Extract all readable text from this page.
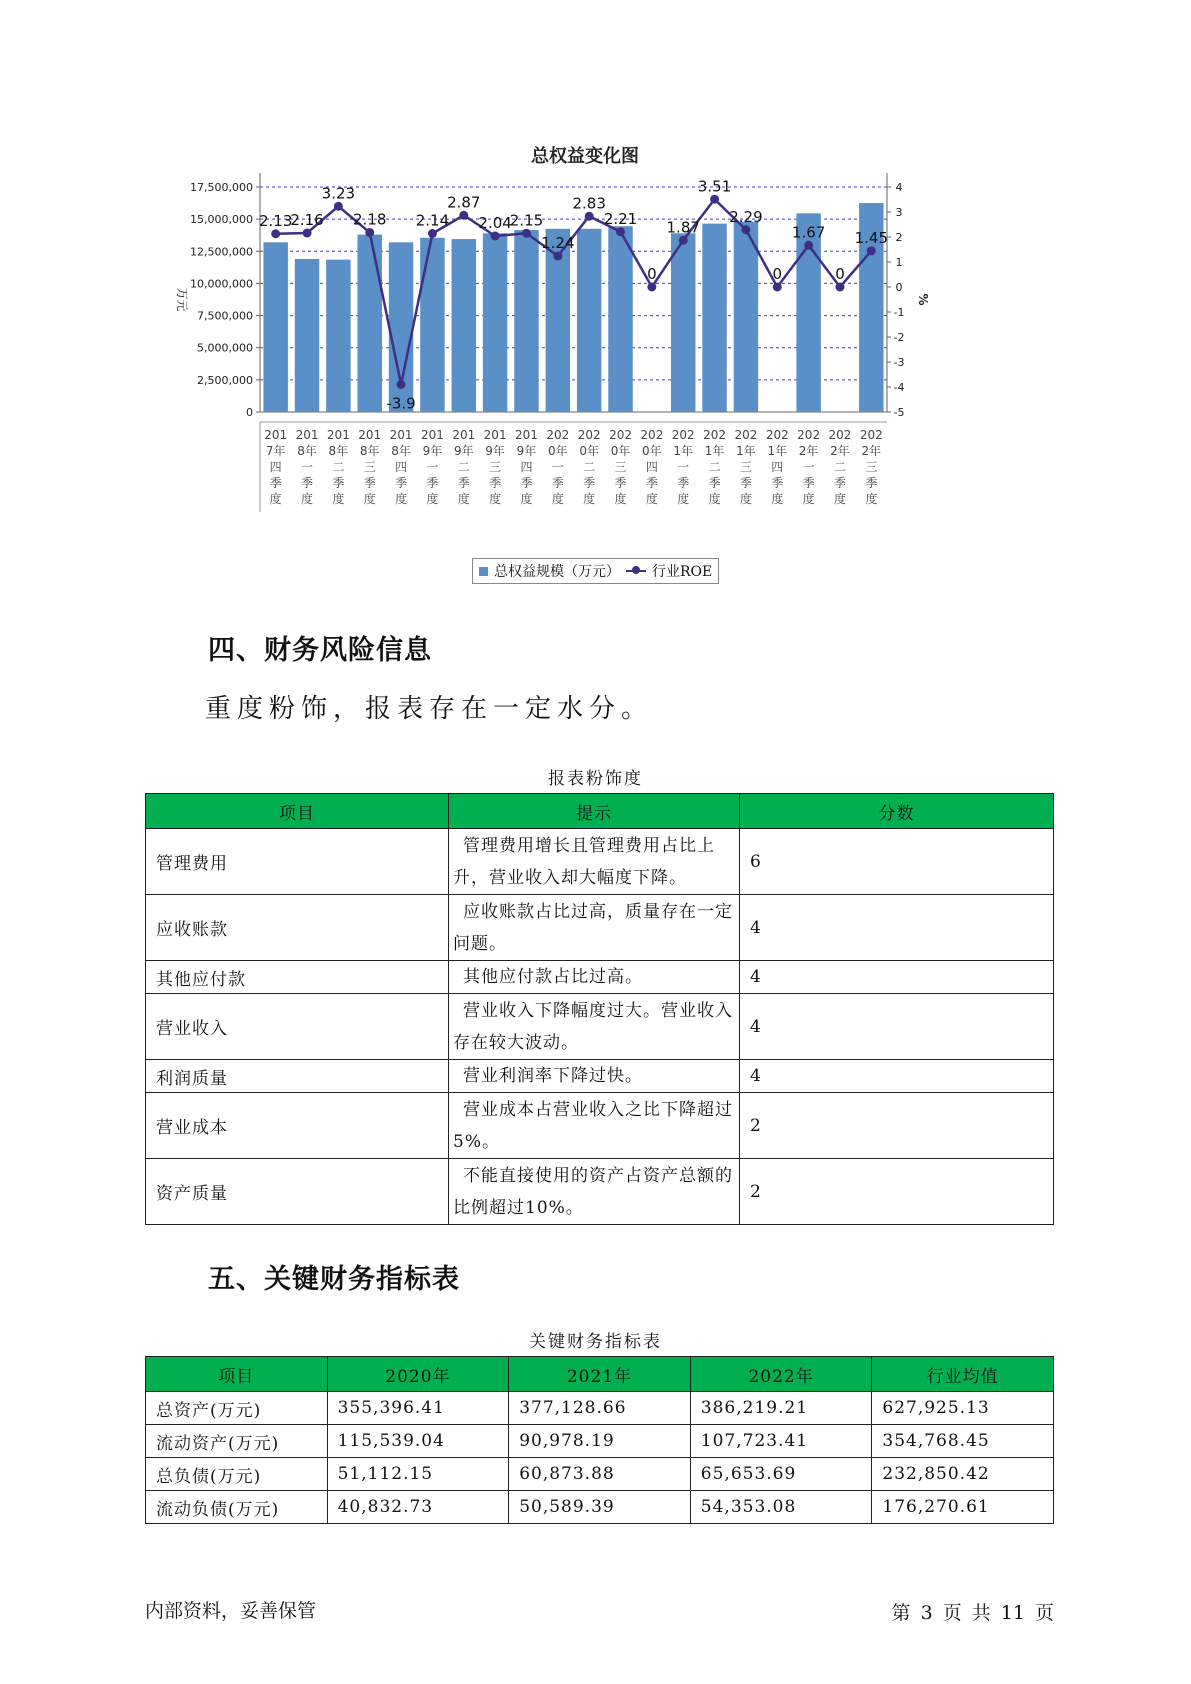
总权益变化图
0
2,500,000
5,000,000
7,500,000
10,000,000
12,500,000
15,000,000
17,500,000
-5
-4
-3
-2
-1
0
1
2
3
4
万元	%
201
7年
四
季
度
201
8年
一
季
度
201
8年
二
季
度
201
8年
三
季
度
201
8年
四
季
度
201
9年
一
季
度
201
9年
二
季
度
201
9年
三
季
度
201
9年
四
季
度
202
0年
一
季
度
202
0年
二
季
度
202
0年
三
季
度
202
0年
四
季
度
202
1年
一
季
度
202
1年
二
季
度
202
1年
三
季
度
202
1年
四
季
度
202
2年
一
季
度
202
2年
二
季
度
202
2年
三
季
度
2.13
2.16
3.23
2.18
-3.9
2.14
2.87
2.04
2.15
1.24
2.83
2.21
0
1.87
3.51
2.29
0
1.67
0
1.45
总权益规模（万元） 行业ROE
四、财务风险信息
重度粉饰，报表存在一定水分。
报表粉饰度
项目	提示	分数
管理费用	管理费用增长且管理费用占比上升，营业收入却大幅度下降。	6
应收账款	应收账款占比过高，质量存在一定问题。	4
其他应付款	其他应付款占比过高。	4
营业收入	营业收入下降幅度过大。营业收入存在较大波动。	4
利润质量	营业利润率下降过快。	4
营业成本	营业成本占营业收入之比下降超过5%。	2
资产质量	不能直接使用的资产占资产总额的比例超过10%。	2
五、关键财务指标表
关键财务指标表
项目	2020年	2021年	2022年	行业均值
总资产(万元)	355,396.41	377,128.66	386,219.21	627,925.13
流动资产(万元)	115,539.04	90,978.19	107,723.41	354,768.45
总负债(万元)	51,112.15	60,873.88	65,653.69	232,850.42
流动负债(万元)	40,832.73	50,589.39	54,353.08	176,270.61
内部资料，妥善保管	第 3 页 共 11 页
